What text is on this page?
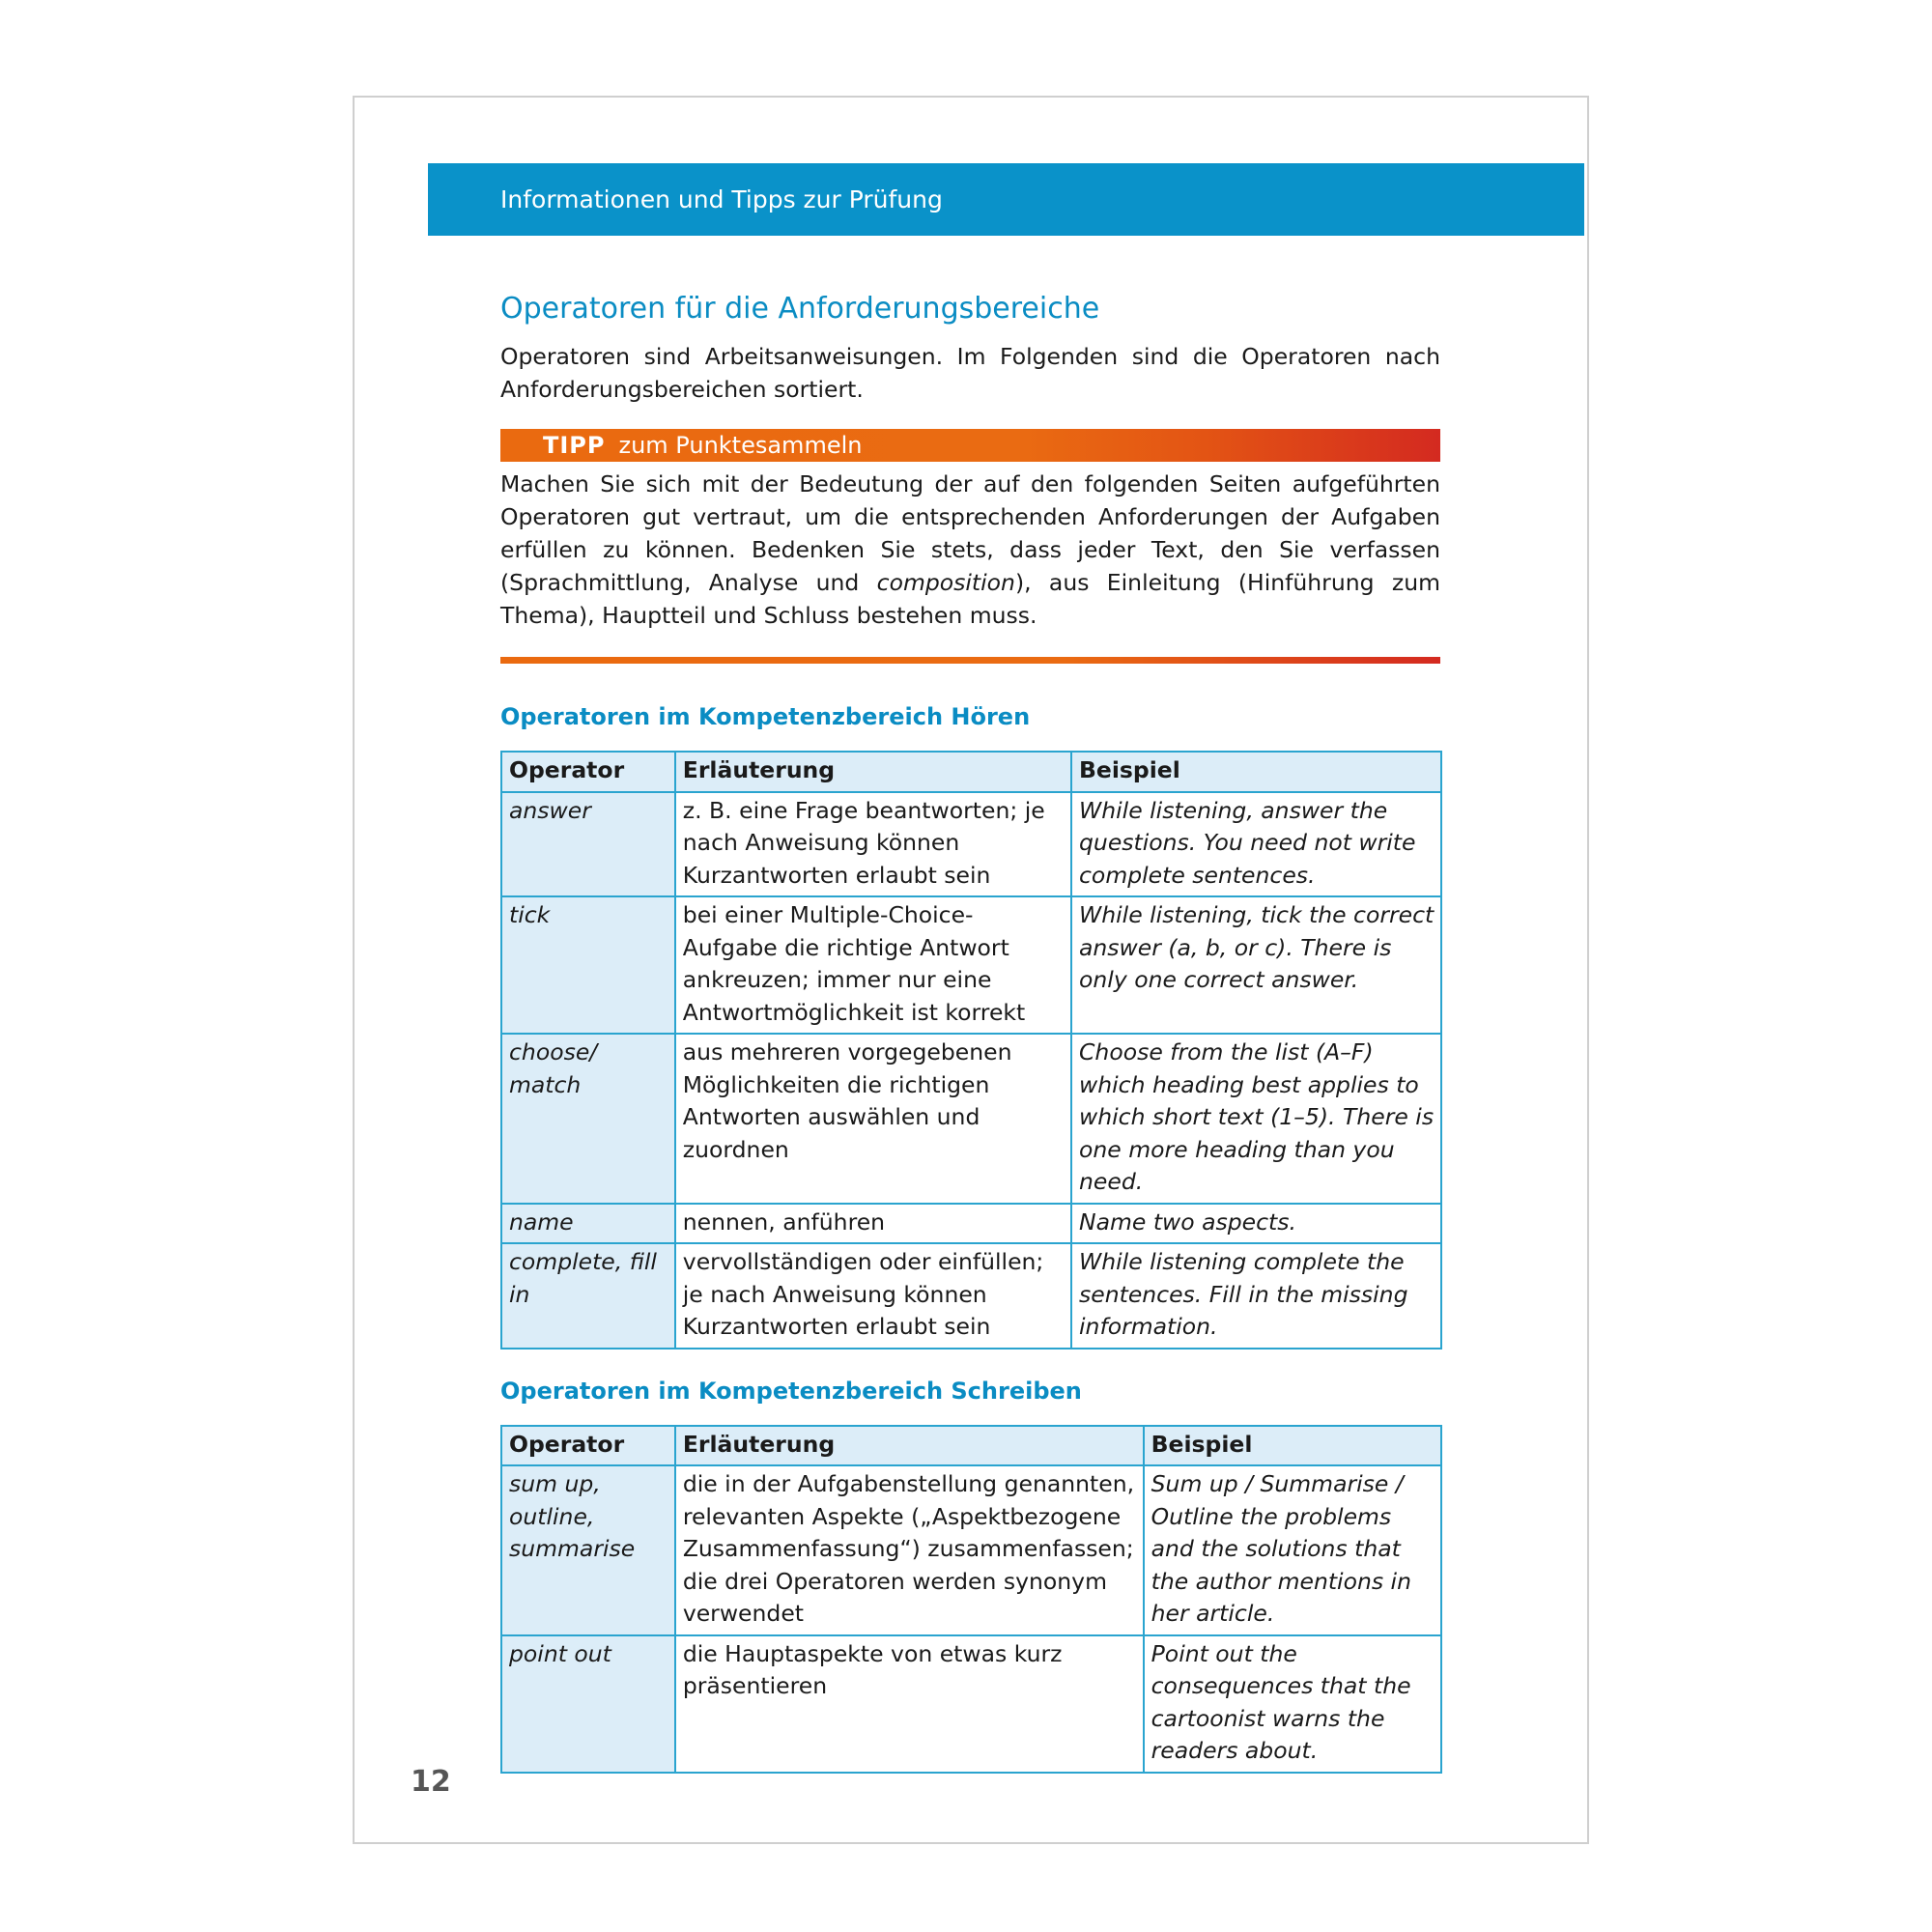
Informationen und Tipps zur Prüfung
Operatoren für die Anforderungsbereiche

Operatoren sind Arbeitsanweisungen. Im Folgenden sind die Operatoren nach Anforderungsbereichen sortiert.

TIPP zum Punktesammeln

Machen Sie sich mit der Bedeutung der auf den folgenden Seiten aufgeführten Operatoren gut vertraut, um die entsprechenden Anforderungen der Aufgaben erfüllen zu können. Bedenken Sie stets, dass jeder Text, den Sie verfassen (Sprachmittlung, Analyse und composition), aus Einleitung (Hinführung zum Thema), Hauptteil und Schluss bestehen muss.

Operatoren im Kompetenzbereich Hören
Operator	Erläuterung	Beispiel
answer	z. B. eine Frage beantworten; je nach Anweisung können Kurzantworten erlaubt sein	While listening, answer the questions. You need not write complete sentences.
tick	bei einer Multiple-Choice-Aufgabe die richtige Antwort ankreuzen; immer nur eine Antwortmöglichkeit ist korrekt	While listening, tick the correct answer (a, b, or c). There is only one correct answer.
choose/ match	aus mehreren vorgegebenen Möglichkeiten die richtigen Antworten auswählen und zuordnen	Choose from the list (A–F) which heading best applies to which short text (1–5). There is one more heading than you need.
name	nennen, anführen	Name two aspects.
complete, fill in	vervollständigen oder einfüllen; je nach Anweisung können Kurzantworten erlaubt sein	While listening complete the sentences. Fill in the missing information.
Operatoren im Kompetenzbereich Schreiben
Operator	Erläuterung	Beispiel
sum up, outline, summarise	die in der Aufgabenstellung genannten, relevanten Aspekte („Aspektbezogene Zusammenfassung“) zusammenfassen; die drei Operatoren werden synonym verwendet	Sum up / Summarise / Outline the problems and the solutions that the author mentions in her article.
point out	die Hauptaspekte von etwas kurz präsentieren	Point out the consequences that the cartoonist warns the readers about.
12
